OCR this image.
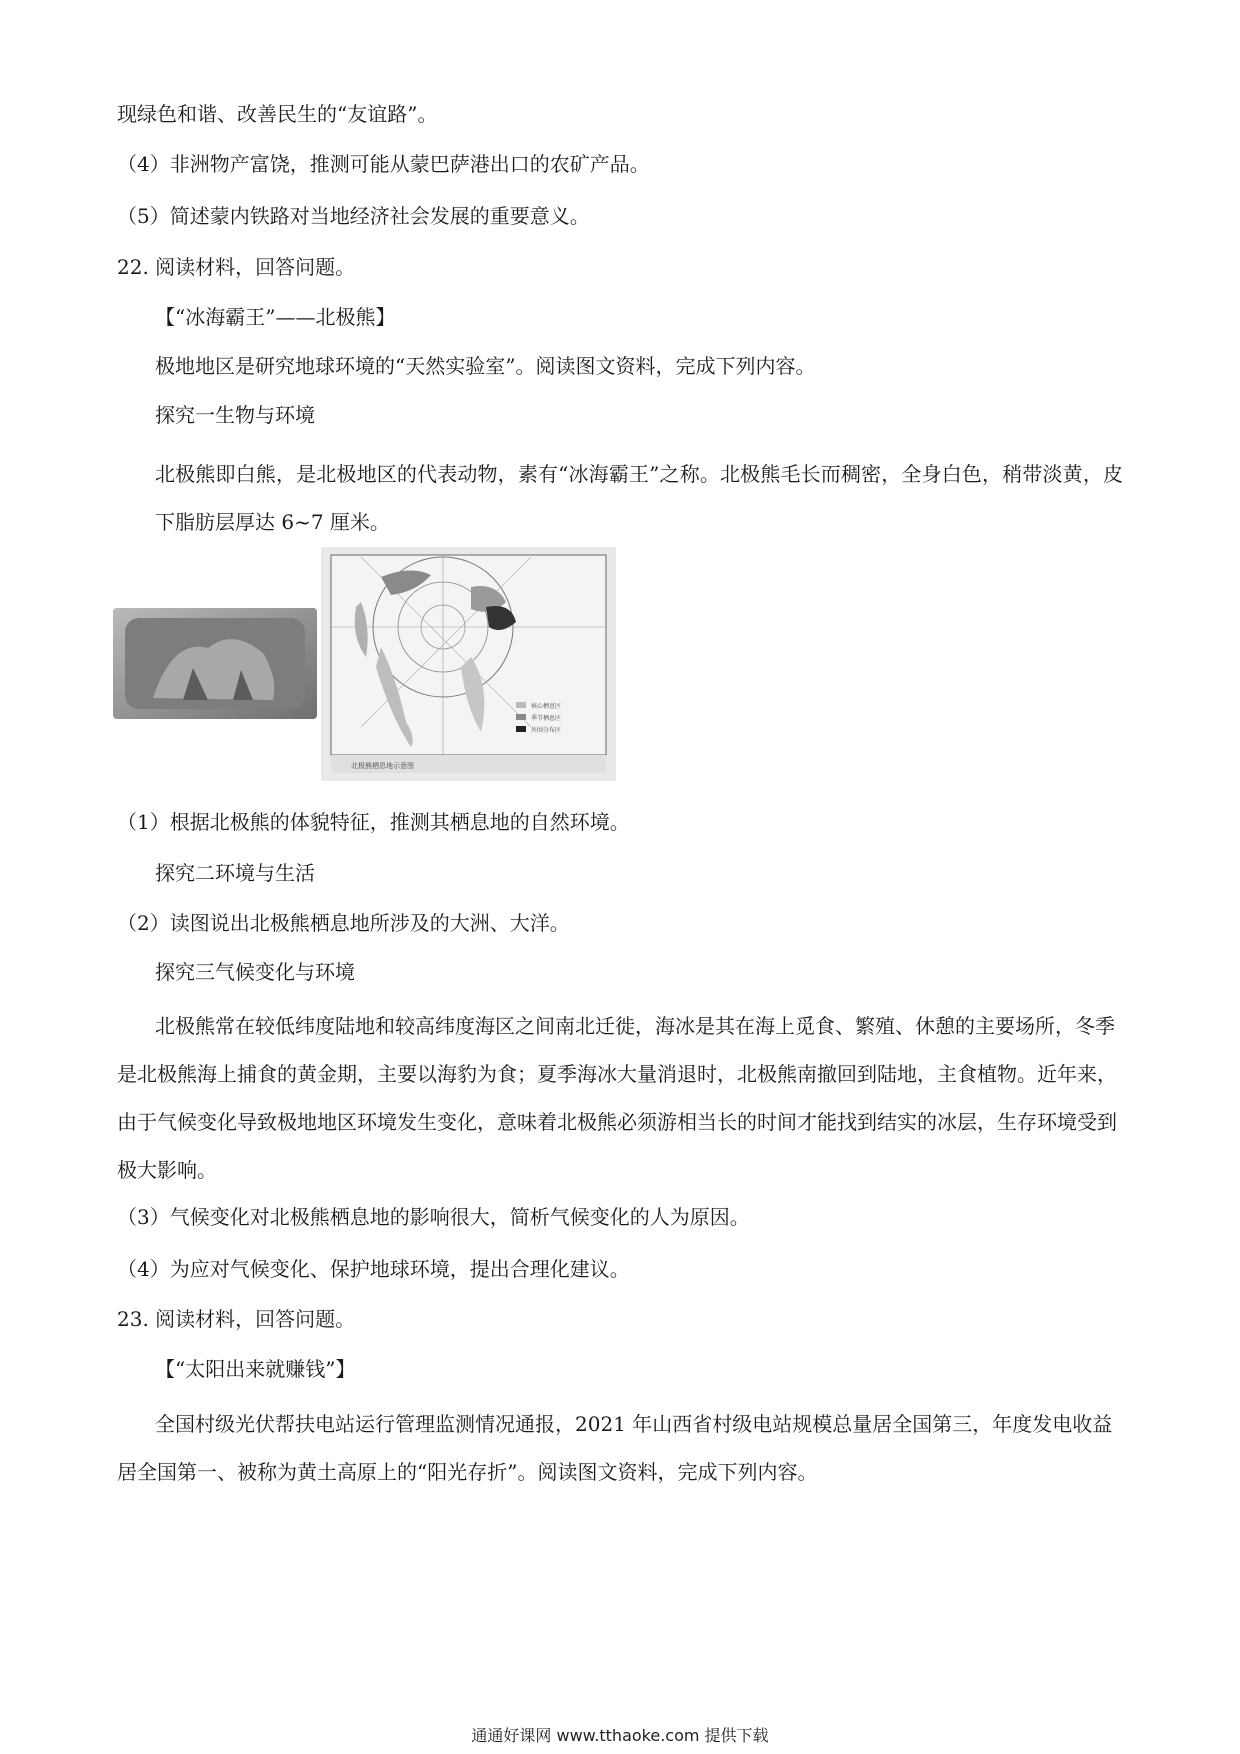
现绿色和谐、改善民生的“友谊路”。
（4）非洲物产富饶，推测可能从蒙巴萨港出口的农矿产品。
（5）简述蒙内铁路对当地经济社会发展的重要意义。
22. 阅读材料，回答问题。
【“冰海霸王”——北极熊】
极地地区是研究地球环境的“天然实验室”。阅读图文资料，完成下列内容。
探究一生物与环境
北极熊即白熊，是北极地区的代表动物，素有“冰海霸王”之称。北极熊毛长而稠密，全身白色，稍带淡黄，皮下脂肪层厚达 6~7 厘米。
核心栖息区
季节栖息区
外围分布区
北极熊栖息地示意图
（1）根据北极熊的体貌特征，推测其栖息地的自然环境。
探究二环境与生活
（2）读图说出北极熊栖息地所涉及的大洲、大洋。
探究三气候变化与环境
北极熊常在较低纬度陆地和较高纬度海区之间南北迁徙，海冰是其在海上觅食、繁殖、休憩的主要场所，冬季是北极熊海上捕食的黄金期，主要以海豹为食；夏季海冰大量消退时，北极熊南撤回到陆地，主食植物。近年来，由于气候变化导致极地地区环境发生变化，意味着北极熊必须游相当长的时间才能找到结实的冰层，生存环境受到极大影响。
（3）气候变化对北极熊栖息地的影响很大，简析气候变化的人为原因。
（4）为应对气候变化、保护地球环境，提出合理化建议。
23. 阅读材料，回答问题。
【“太阳出来就赚钱”】
全国村级光伏帮扶电站运行管理监测情况通报，2021 年山西省村级电站规模总量居全国第三，年度发电收益居全国第一、被称为黄土高原上的“阳光存折”。阅读图文资料，完成下列内容。
通通好课网 www.tthaoke.com 提供下载
